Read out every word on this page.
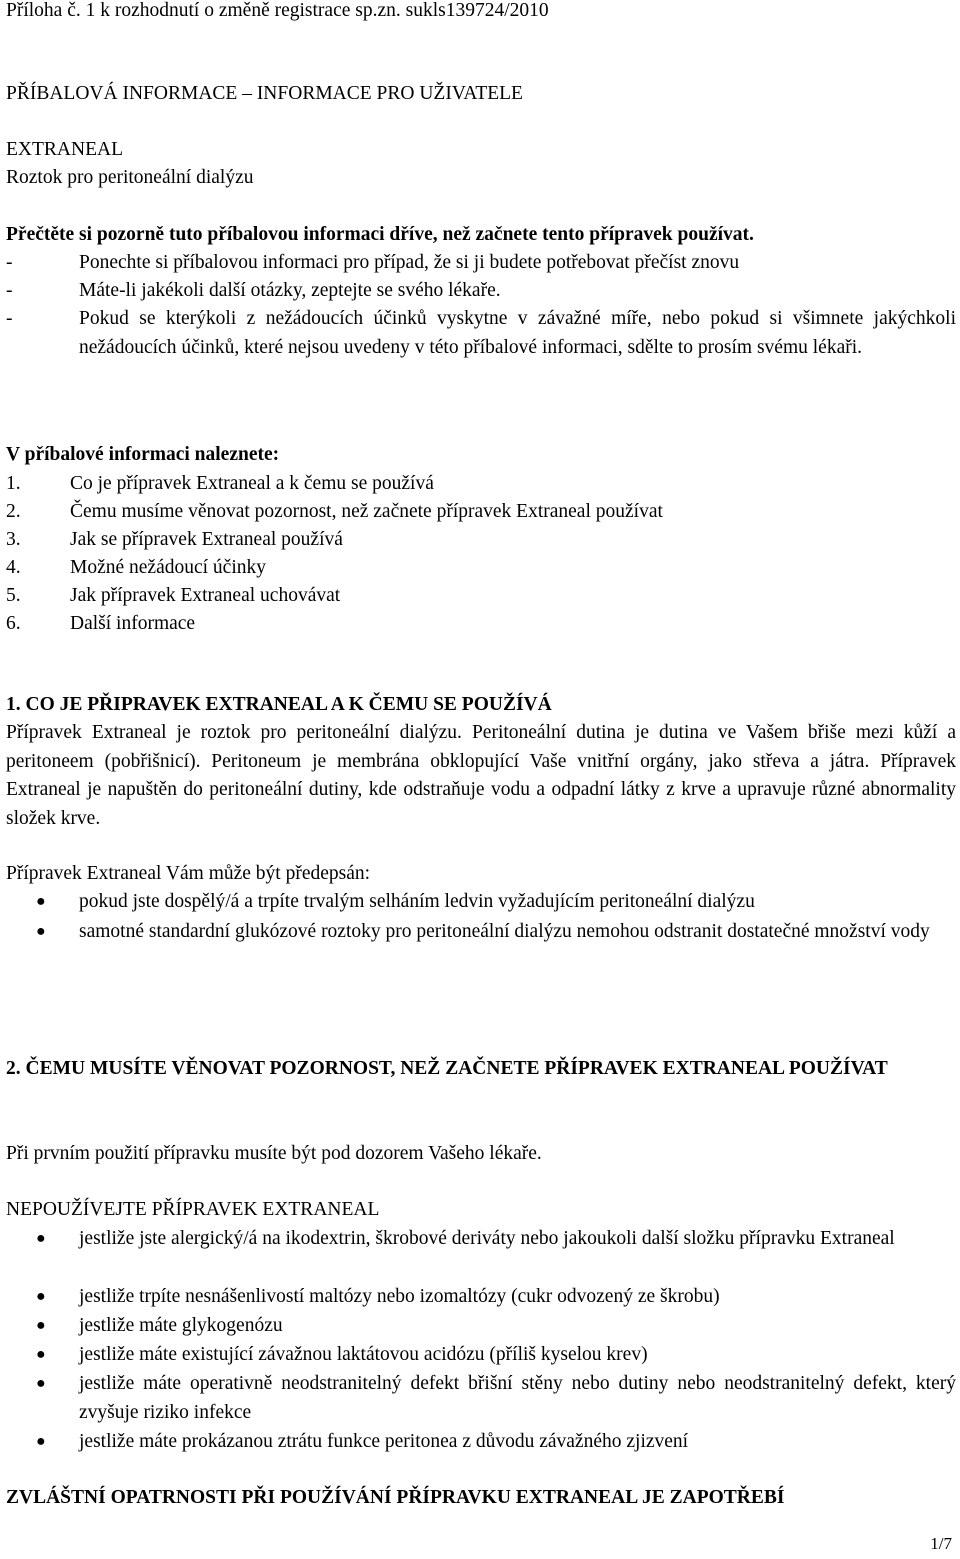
Příloha č. 1 k rozhodnutí o změně registrace sp.zn. sukls139724/2010
PŘÍBALOVÁ INFORMACE – INFORMACE PRO UŽIVATELE
EXTRANEAL
Roztok pro peritoneální dialýzu
Přečtěte si pozorně tuto příbalovou informaci dříve, než začnete tento přípravek používat.
-	Ponechte si příbalovou informaci pro případ, že si ji budete potřebovat přečíst znovu
-	Máte-li jakékoli další otázky, zeptejte se svého lékaře.
-	Pokud se kterýkoli z nežádoucích účinků vyskytne v závažné míře, nebo pokud si všimnete jakýchkoli nežádoucích účinků, které nejsou uvedeny v této příbalové informaci, sdělte to prosím svému lékaři.
V příbalové informaci naleznete:
1.	Co je přípravek Extraneal a k čemu se používá
2.	Čemu musíme věnovat pozornost, než začnete přípravek Extraneal používat
3.	Jak se přípravek Extraneal používá
4.	Možné nežádoucí účinky
5.	Jak přípravek Extraneal uchovávat
6.	Další informace
1. CO JE PŘIPRAVEK EXTRANEAL A K ČEMU SE POUŽÍVÁ
Přípravek Extraneal je roztok pro peritoneální dialýzu. Peritoneální dutina je dutina ve Vašem břiše mezi kůží a peritoneem (pobřišnicí). Peritoneum je membrána obklopující Vaše vnitřní orgány, jako střeva a játra. Přípravek Extraneal je napuštěn do peritoneální dutiny, kde odstraňuje vodu a odpadní látky z krve a upravuje různé abnormality složek krve.
Přípravek Extraneal Vám může být předepsán:
● pokud jste dospělý/á a trpíte trvalým selháním ledvin vyžadujícím peritoneální dialýzu
● samotné standardní glukózové roztoky pro peritoneální dialýzu nemohou odstranit dostatečné množství vody
2. ČEMU MUSÍTE VĚNOVAT POZORNOST, NEŽ ZAČNETE PŘÍPRAVEK EXTRANEAL POUŽÍVAT
Při prvním použití přípravku musíte být pod dozorem Vašeho lékaře.
NEPOUŽÍVEJTE PŘÍPRAVEK EXTRANEAL
● jestliže jste alergický/á na ikodextrin, škrobové deriváty nebo jakoukoli další složku přípravku Extraneal
● jestliže trpíte nesnášenlivostí maltózy nebo izomaltózy (cukr odvozený ze škrobu)
● jestliže máte glykogenózu
● jestliže máte existující závažnou laktátovou acidózu (příliš kyselou krev)
● jestliže máte operativně neodstranitelný defekt břišní stěny nebo dutiny nebo neodstranitelný defekt, který zvyšuje riziko infekce
● jestliže máte prokázanou ztrátu funkce peritonea z důvodu závažného zjizvení
ZVLÁŠTNÍ OPATRNOSTI PŘI POUŽÍVÁNÍ PŘÍPRAVKU EXTRANEAL JE ZAPOTŘEBÍ
1/7
